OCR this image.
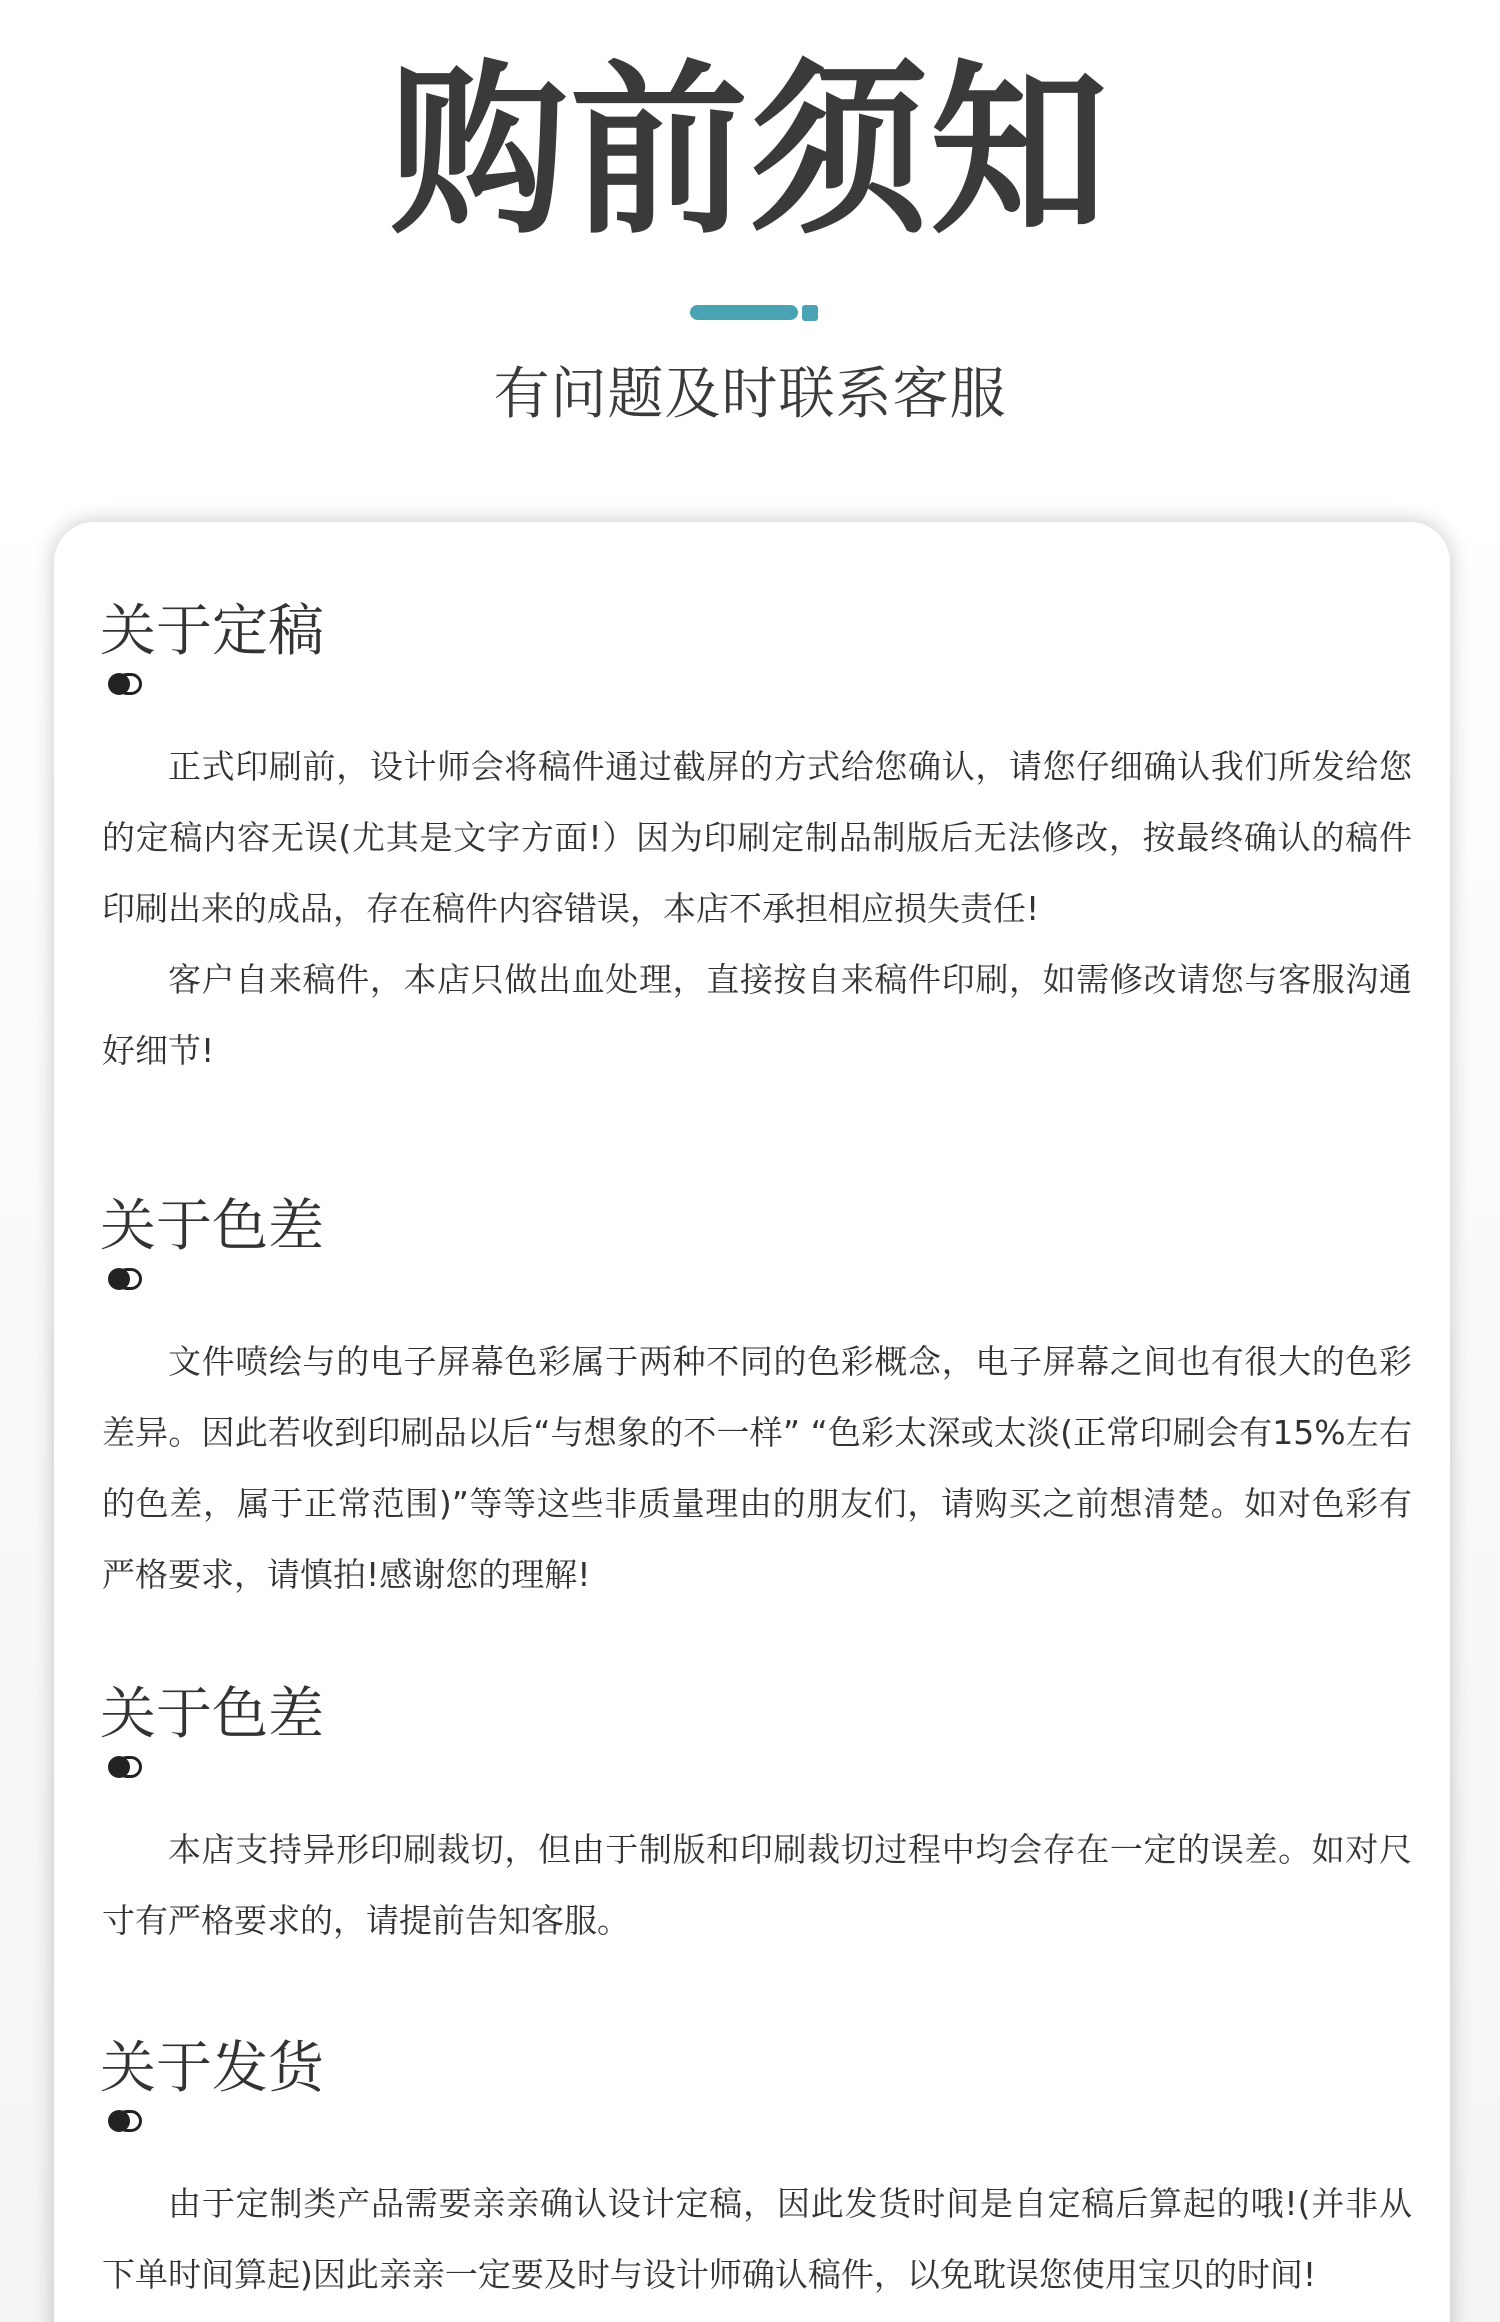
购前须知
有问题及时联系客服
关于定稿

正式印刷前，设计师会将稿件通过截屏的方式给您确认，请您仔细确认我们所发给您的定稿内容无误(尤其是文字方面!）因为印刷定制品制版后无法修改，按最终确认的稿件印刷出来的成品，存在稿件内容错误，本店不承担相应损失责任!

客户自来稿件，本店只做出血处理，直接按自来稿件印刷，如需修改请您与客服沟通好细节!

关于色差

文件喷绘与的电子屏幕色彩属于两种不同的色彩概念，电子屏幕之间也有很大的色彩差异。因此若收到印刷品以后“与想象的不一样” “色彩太深或太淡(正常印刷会有15%左右的色差，属于正常范围)”等等这些非质量理由的朋友们，请购买之前想清楚。如对色彩有严格要求，请慎拍!感谢您的理解!

关于色差

本店支持异形印刷裁切，但由于制版和印刷裁切过程中均会存在一定的误差。如对尺寸有严格要求的，请提前告知客服。

关于发货

由于定制类产品需要亲亲确认设计定稿，因此发货时间是自定稿后算起的哦!(并非从下单时间算起)因此亲亲一定要及时与设计师确认稿件，以免耽误您使用宝贝的时间!
